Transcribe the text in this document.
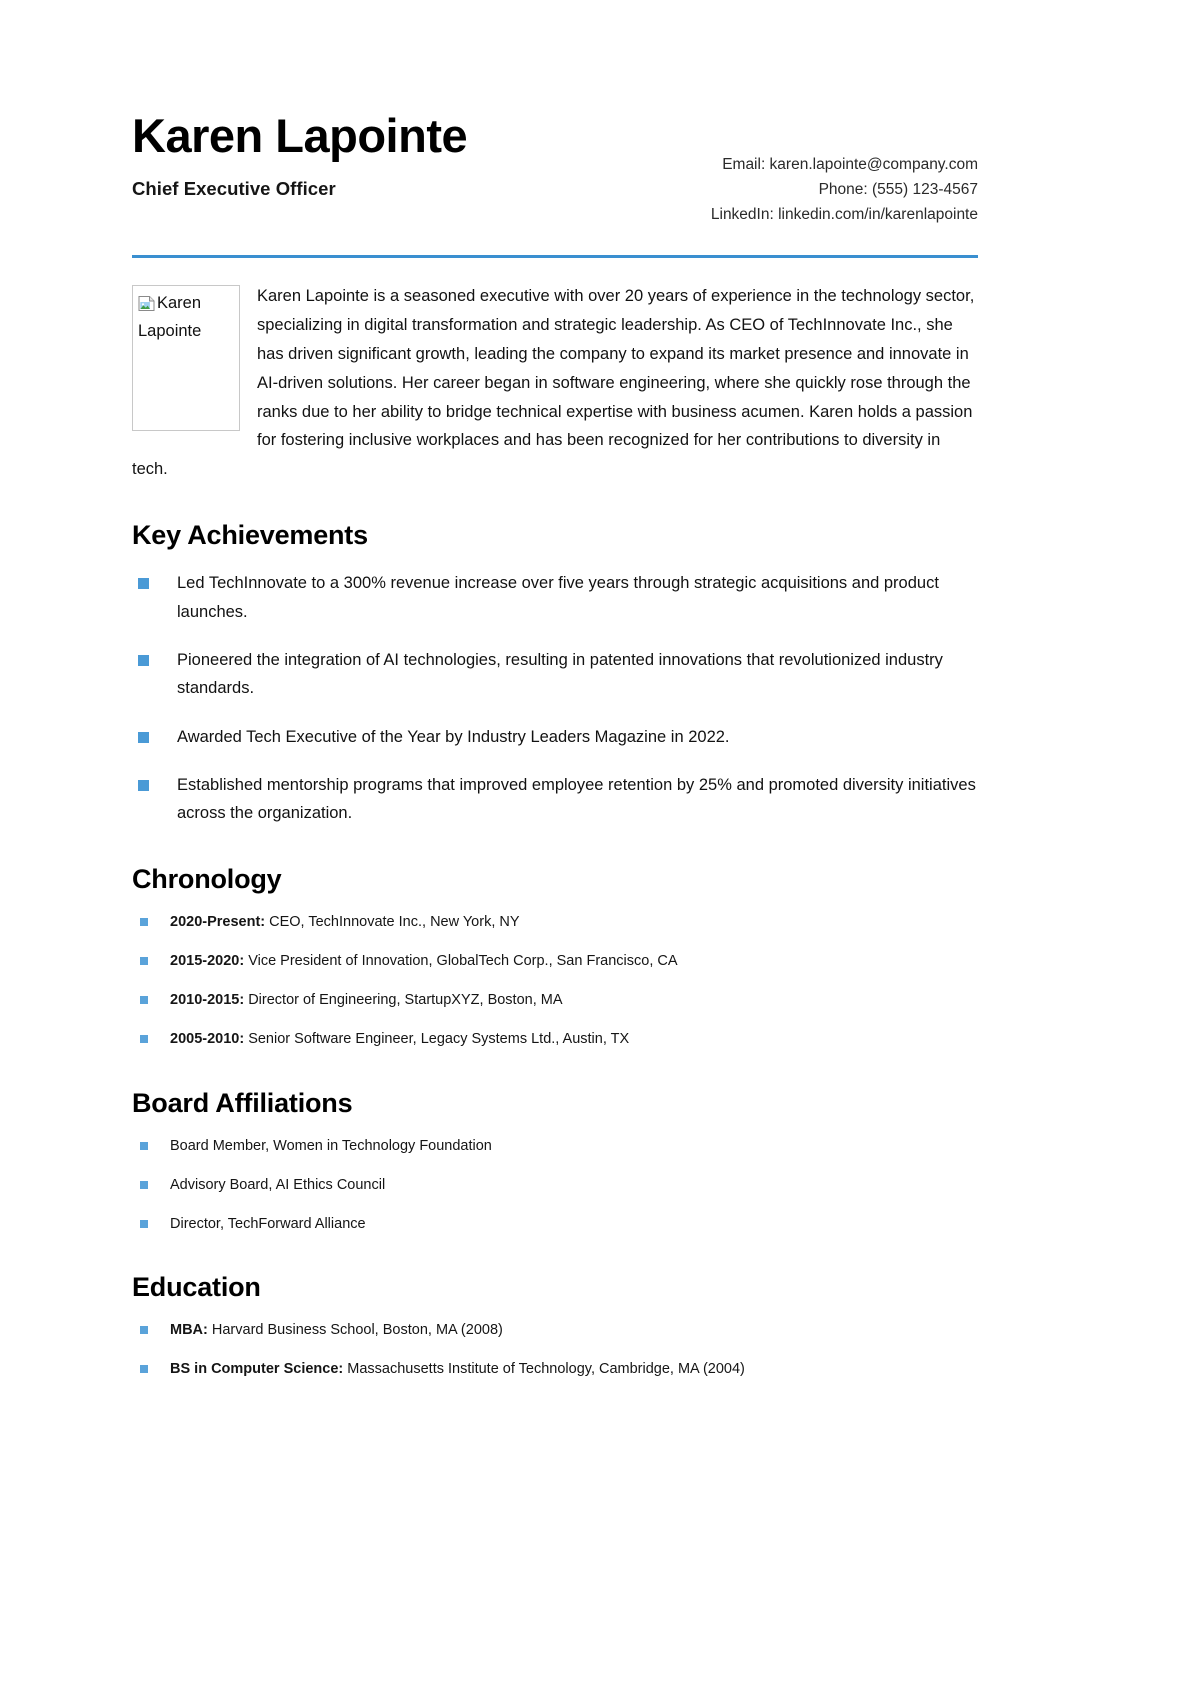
Karen Lapointe
Chief Executive Officer
Email: karen.lapointe@company.com
Phone: (555) 123-4567
LinkedIn: linkedin.com/in/karenlapointe
Karen Lapointe

Karen Lapointe is a seasoned executive with over 20 years of experience in the technology sector, specializing in digital transformation and strategic leadership. As CEO of TechInnovate Inc., she has driven significant growth, leading the company to expand its market presence and innovate in AI-driven solutions. Her career began in software engineering, where she quickly rose through the ranks due to her ability to bridge technical expertise with business acumen. Karen holds a passion for fostering inclusive workplaces and has been recognized for her contributions to diversity in tech.

Key Achievements
Led TechInnovate to a 300% revenue increase over five years through strategic acquisitions and product launches.
Pioneered the integration of AI technologies, resulting in patented innovations that revolutionized industry standards.
Awarded Tech Executive of the Year by Industry Leaders Magazine in 2022.
Established mentorship programs that improved employee retention by 25% and promoted diversity initiatives across the organization.
Chronology
2020-Present: CEO, TechInnovate Inc., New York, NY
2015-2020: Vice President of Innovation, GlobalTech Corp., San Francisco, CA
2010-2015: Director of Engineering, StartupXYZ, Boston, MA
2005-2010: Senior Software Engineer, Legacy Systems Ltd., Austin, TX
Board Affiliations
Board Member, Women in Technology Foundation
Advisory Board, AI Ethics Council
Director, TechForward Alliance
Education
MBA: Harvard Business School, Boston, MA (2008)
BS in Computer Science: Massachusetts Institute of Technology, Cambridge, MA (2004)
